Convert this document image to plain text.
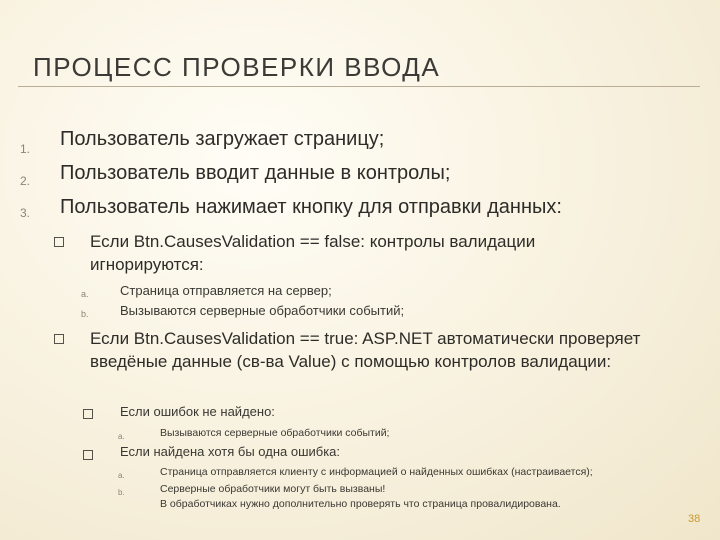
ПРОЦЕСС ПРОВЕРКИ ВВОДА
1. Пользователь загружает страницу;
2. Пользователь вводит данные в контролы;
3. Пользователь нажимает кнопку для отправки данных:
Если Btn.CausesValidation == false: контролы валидации игнорируются:
a. Страница отправляется на сервер;
b. Вызываются серверные обработчики событий;
Если Btn.CausesValidation == true: ASP.NET автоматически проверяет введёные данные (св-ва Value) с помощью контролов валидации:
Если ошибок не найдено:
a.	Вызываются серверные обработчики событий;
Если найдена хотя бы одна ошибка:
a.	Страница отправляется клиенту с информацией о найденных ошибках (настраивается);
b.	Серверные обработчики могут быть вызваны!
В обработчиках нужно дополнительно проверять что страница провалидирована.
38
